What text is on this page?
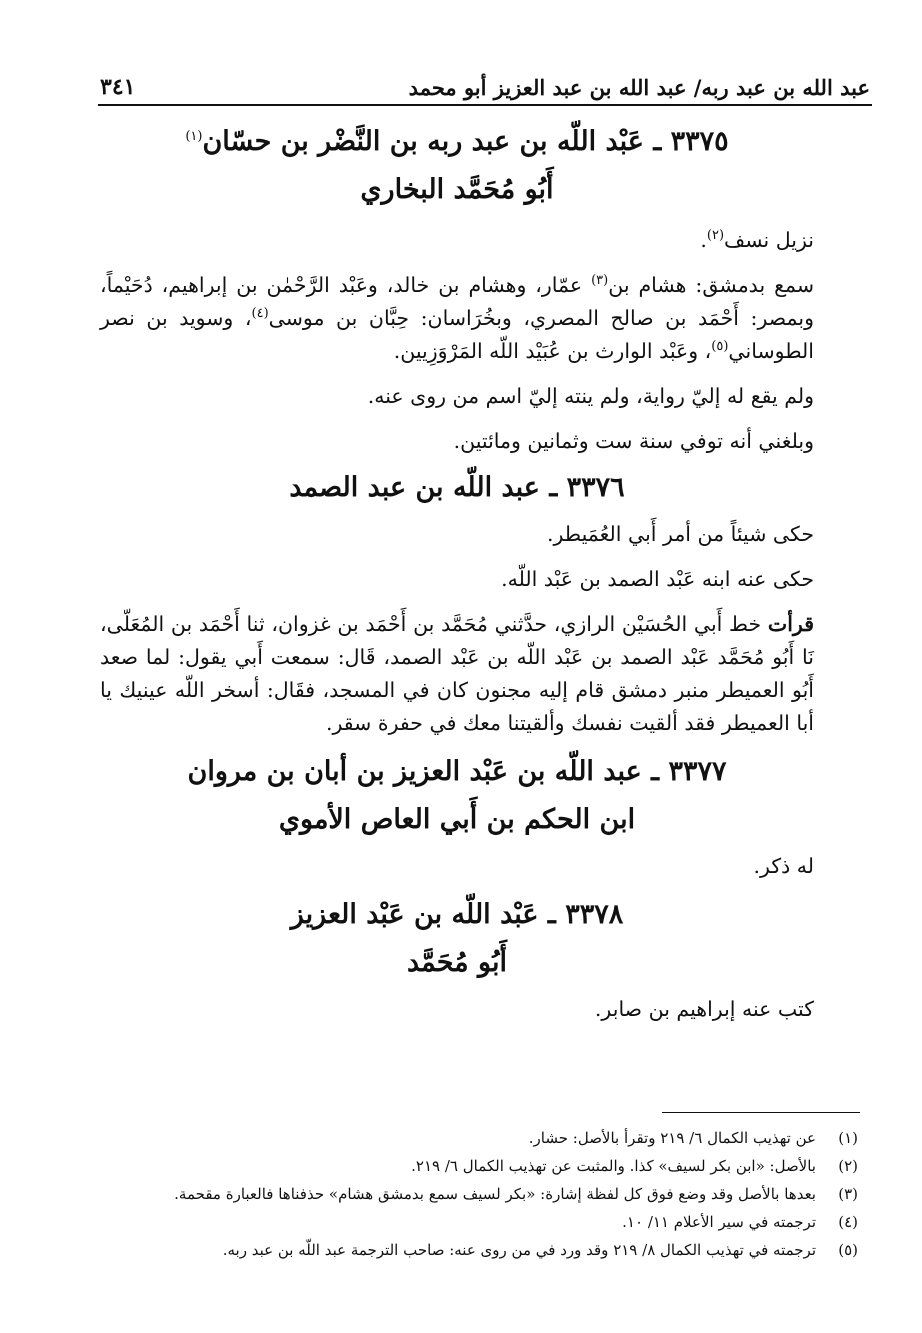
عبد الله بن عبد ربه/ عبد الله بن عبد العزيز أبو محمد
٣٤١
٣٣٧٥ ـ عَبْد اللّه بن عبد ربه بن النَّضْر بن حسّان$^{(١)}$
أَبُو مُحَمَّد البخاري

نزيل نسف$^{(٢)}$.

سمع بدمشق: هشام بن$^{(٣)}$ عمّار، وهشام بن خالد، وعَبْد الرَّحْمٰن بن إبراهيم، دُحَيْماً، وبمصر: أَحْمَد بن صالح المصري، وبخُرَاسان: حِبَّان بن موسى$^{(٤)}$، وسويد بن نصر الطوساني$^{(٥)}$، وعَبْد الوارث بن عُبَيْد اللّه المَرْوَزِيين.

ولم يقع له إليّ رواية، ولم ينته إليّ اسم من روى عنه.

وبلغني أنه توفي سنة ست وثمانين ومائتين.

٣٣٧٦ ـ عبد اللّه بن عبد الصمد

حكى شيئاً من أمر أَبي العُمَيطر.

حكى عنه ابنه عَبْد الصمد بن عَبْد اللّه.

قرأت خط أَبي الحُسَيْن الرازي، حدَّثني مُحَمَّد بن أَحْمَد بن غزوان، ثنا أَحْمَد بن المُعَلّى، نَا أَبُو مُحَمَّد عَبْد الصمد بن عَبْد اللّه بن عَبْد الصمد، قَال: سمعت أَبي يقول: لما صعد أَبُو العميطر منبر دمشق قام إليه مجنون كان في المسجد، فقَال: أسخر اللّه عينيك يا أبا العميطر فقد ألقيت نفسك وألقيتنا معك في حفرة سقر.

٣٣٧٧ ـ عبد اللّه بن عَبْد العزيز بن أبان بن مروان
ابن الحكم بن أَبي العاص الأموي

له ذكر.

٣٣٧٨ ـ عَبْد اللّه بن عَبْد العزيز
أَبُو مُحَمَّد

كتب عنه إبراهيم بن صابر.

(١)
عن تهذيب الكمال ٦/ ٢١٩ وتقرأ بالأصل: حشار.
(٢)
بالأصل: «ابن بكر لسيف» كذا. والمثبت عن تهذيب الكمال ٦/ ٢١٩.
(٣)
بعدها بالأصل وقد وضع فوق كل لفظة إشارة: «بكر لسيف سمع بدمشق هشام» حذفناها فالعبارة مقحمة.
(٤)
ترجمته في سير الأعلام ١١/ ١٠.
(٥)
ترجمته في تهذيب الكمال ٨/ ٢١٩ وقد ورد في من روى عنه: صاحب الترجمة عبد اللّه بن عبد ربه.
